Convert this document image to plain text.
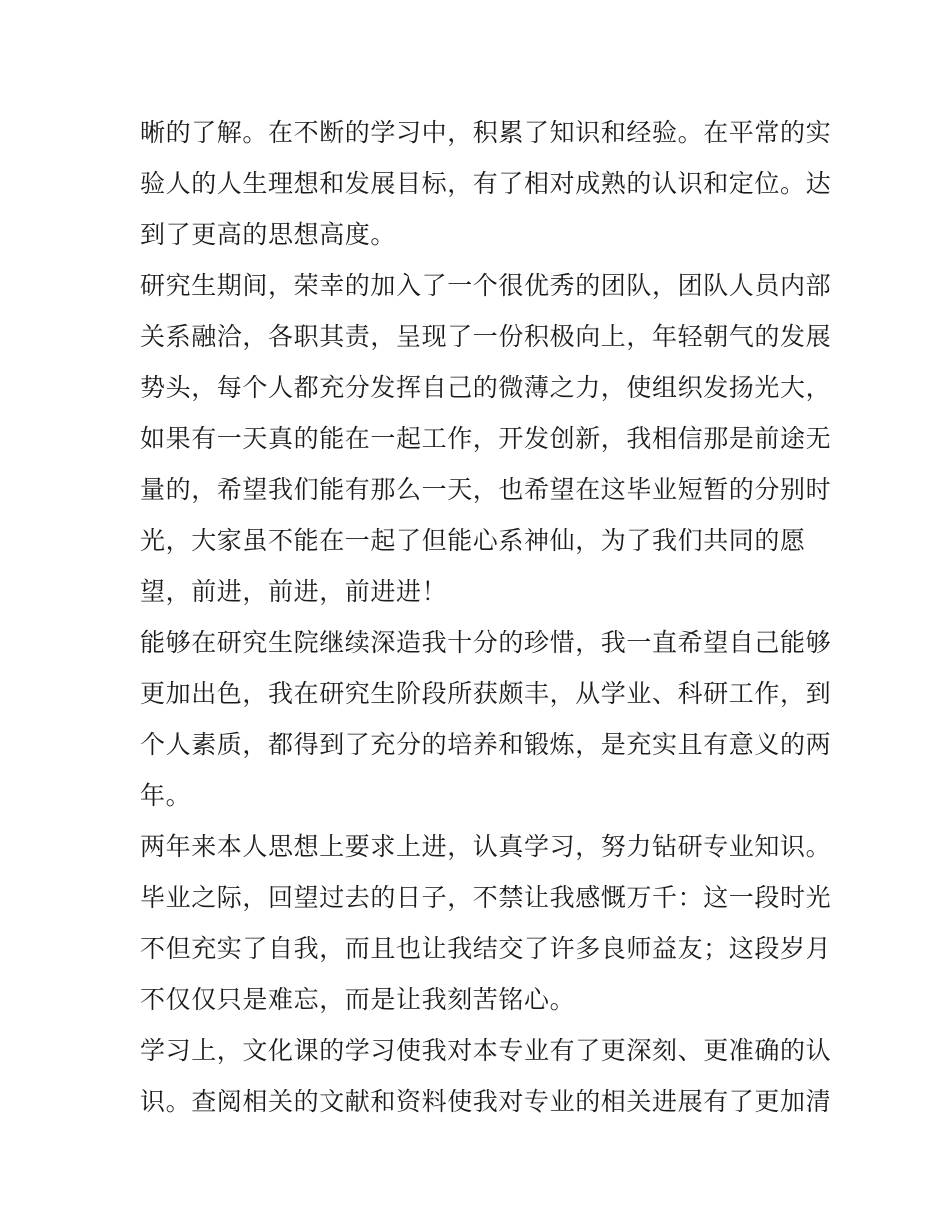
晰的了解。在不断的学习中，积累了知识和经验。在平常的实
验人的人生理想和发展目标，有了相对成熟的认识和定位。达
到了更高的思想高度。
研究生期间，荣幸的加入了一个很优秀的团队，团队人员内部
关系融洽，各职其责，呈现了一份积极向上，年轻朝气的发展
势头，每个人都充分发挥自己的微薄之力，使组织发扬光大，
如果有一天真的能在一起工作，开发创新，我相信那是前途无
量的，希望我们能有那么一天，也希望在这毕业短暂的分别时
光，大家虽不能在一起了但能心系神仙，为了我们共同的愿
望，前进，前进，前进进！
能够在研究生院继续深造我十分的珍惜，我一直希望自己能够
更加出色，我在研究生阶段所获颇丰，从学业、科研工作，到
个人素质，都得到了充分的培养和锻炼，是充实且有意义的两
年。
两年来本人思想上要求上进，认真学习，努力钻研专业知识。
毕业之际，回望过去的日子，不禁让我感慨万千：这一段时光
不但充实了自我，而且也让我结交了许多良师益友；这段岁月
不仅仅只是难忘，而是让我刻苦铭心。
学习上，文化课的学习使我对本专业有了更深刻、更准确的认
识。查阅相关的文献和资料使我对专业的相关进展有了更加清
